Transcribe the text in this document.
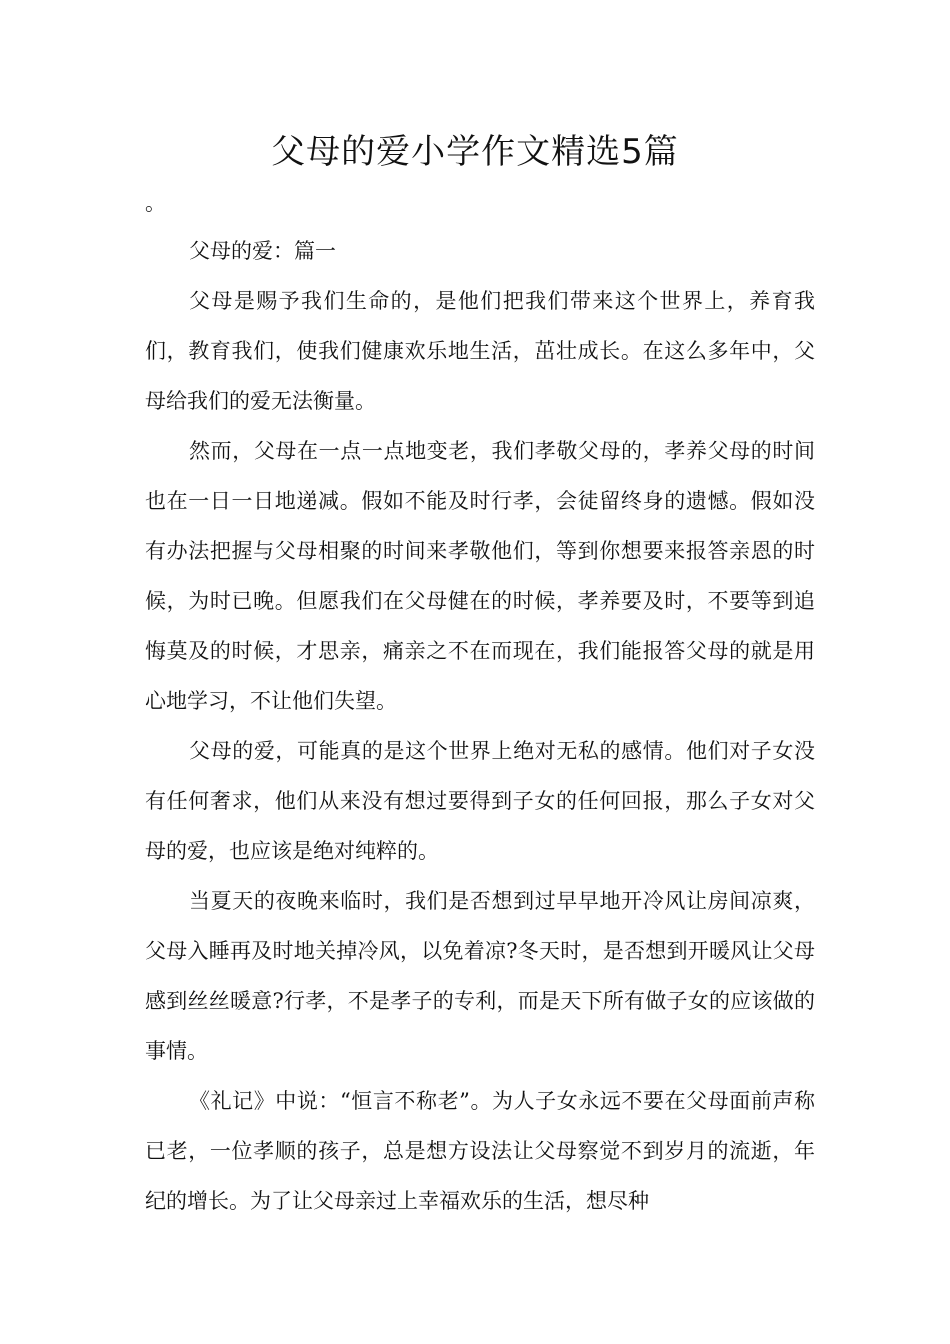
父母的爱小学作文精选5篇

。

父母的爱：篇一

父母是赐予我们生命的，是他们把我们带来这个世界上，养育我们，教育我们，使我们健康欢乐地生活，茁壮成长。在这么多年中，父母给我们的爱无法衡量。

然而，父母在一点一点地变老，我们孝敬父母的，孝养父母的时间也在一日一日地递减。假如不能及时行孝，会徒留终身的遗憾。假如没有办法把握与父母相聚的时间来孝敬他们，等到你想要来报答亲恩的时候，为时已晚。但愿我们在父母健在的时候，孝养要及时，不要等到追悔莫及的时候，才思亲，痛亲之不在而现在，我们能报答父母的就是用心地学习，不让他们失望。

父母的爱，可能真的是这个世界上绝对无私的感情。他们对子女没有任何奢求，他们从来没有想过要得到子女的任何回报，那么子女对父母的爱，也应该是绝对纯粹的。

当夏天的夜晚来临时，我们是否想到过早早地开冷风让房间凉爽，父母入睡再及时地关掉冷风，以免着凉?冬天时，是否想到开暖风让父母感到丝丝暖意?行孝，不是孝子的专利，而是天下所有做子女的应该做的事情。

《礼记》中说：“恒言不称老”。为人子女永远不要在父母面前声称已老，一位孝顺的孩子，总是想方设法让父母察觉不到岁月的流逝，年纪的增长。为了让父母亲过上幸福欢乐的生活，想尽种
